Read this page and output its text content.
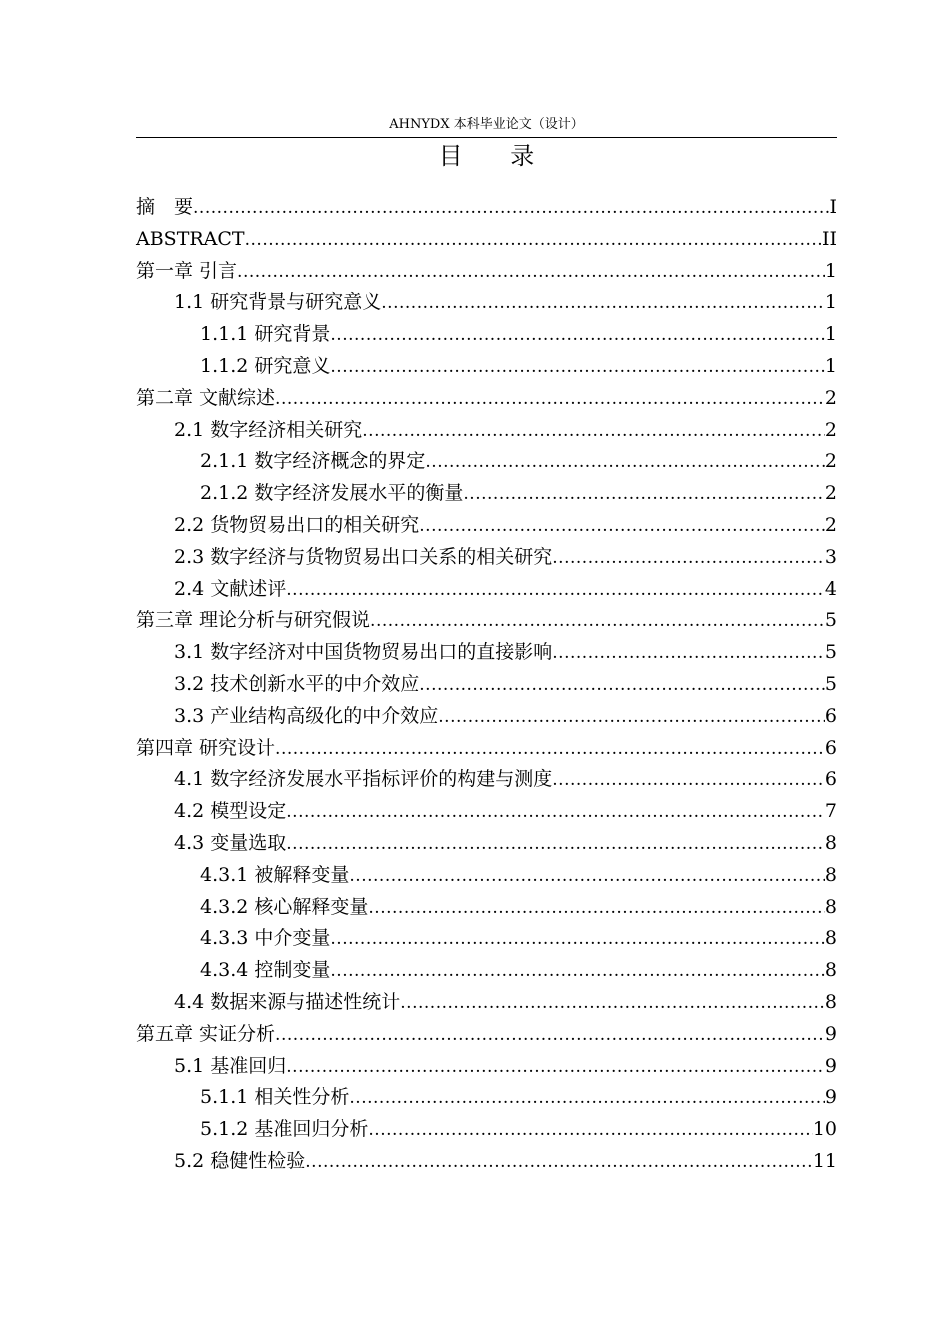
AHNYDX 本科毕业论文（设计）
目 录
摘　要 .....	I
ABSTRACT .....	II
第一章 引言 .....	1
1.1 研究背景与研究意义 .....	1
1.1.1 研究背景 .....	1
1.1.2 研究意义 .....	1
第二章 文献综述 .....	2
2.1 数字经济相关研究 .....	2
2.1.1 数字经济概念的界定 .....	2
2.1.2 数字经济发展水平的衡量 .....	2
2.2 货物贸易出口的相关研究 .....	2
2.3 数字经济与货物贸易出口关系的相关研究 .....	3
2.4 文献述评 .....	4
第三章 理论分析与研究假说 .....	5
3.1 数字经济对中国货物贸易出口的直接影响 .....	5
3.2 技术创新水平的中介效应 .....	5
3.3 产业结构高级化的中介效应 .....	6
第四章 研究设计 .....	6
4.1 数字经济发展水平指标评价的构建与测度 .....	6
4.2 模型设定 .....	7
4.3 变量选取 .....	8
4.3.1 被解释变量 .....	8
4.3.2 核心解释变量 .....	8
4.3.3 中介变量 .....	8
4.3.4 控制变量 .....	8
4.4 数据来源与描述性统计 .....	8
第五章 实证分析 .....	9
5.1 基准回归 .....	9
5.1.1 相关性分析 .....	9
5.1.2 基准回归分析 .....	10
5.2 稳健性检验 .....	11
